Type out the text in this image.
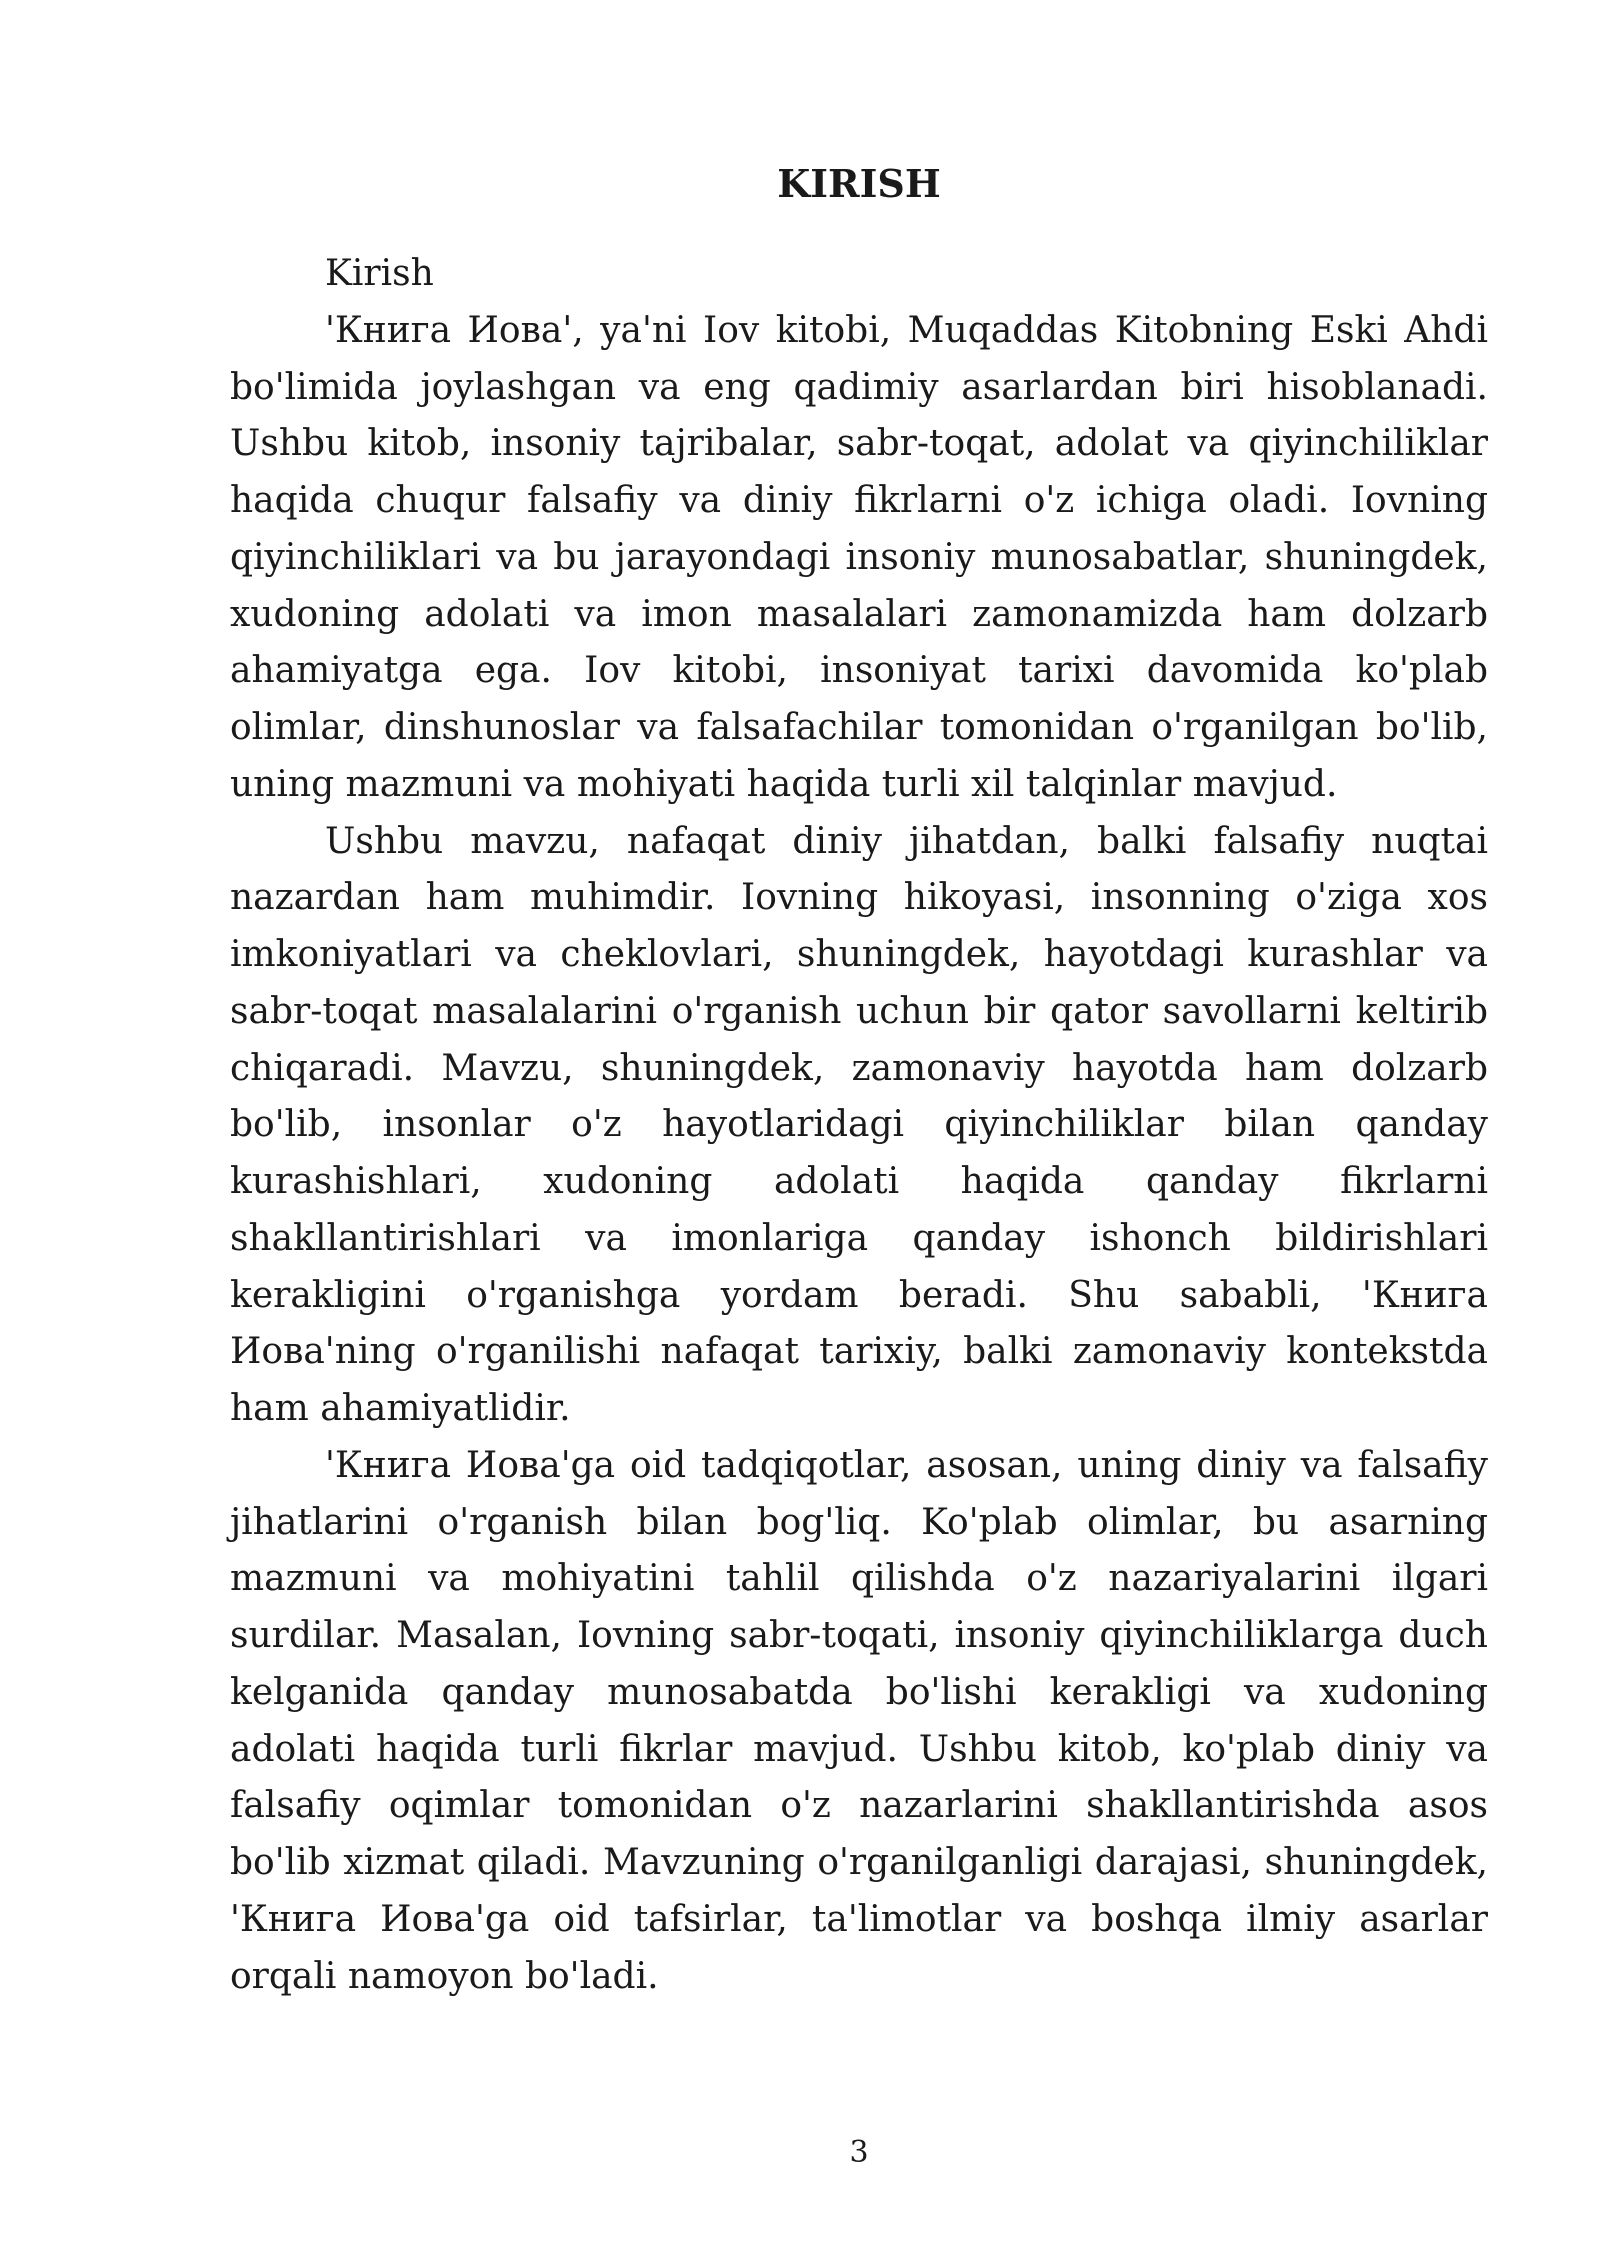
KIRISH

Kirish

'Книга Иова', ya'ni Iov kitobi, Muqaddas Kitobning Eski Ahdi bo'limida joylashgan va eng qadimiy asarlardan biri hisoblanadi. Ushbu kitob, insoniy tajribalar, sabr-toqat, adolat va qiyinchiliklar haqida chuqur falsafiy va diniy fikrlarni o'z ichiga oladi. Iovning qiyinchiliklari va bu jarayondagi insoniy munosabatlar, shuningdek, xudoning adolati va imon masalalari zamonamizda ham dolzarb ahamiyatga ega. Iov kitobi, insoniyat tarixi davomida ko'plab olimlar, dinshunoslar va falsafachilar tomonidan o'rganilgan bo'lib, uning mazmuni va mohiyati haqida turli xil talqinlar mavjud.

Ushbu mavzu, nafaqat diniy jihatdan, balki falsafiy nuqtai nazardan ham muhimdir. Iovning hikoyasi, insonning o'ziga xos imkoniyatlari va cheklovlari, shuningdek, hayotdagi kurashlar va sabr-toqat masalalarini o'rganish uchun bir qator savollarni keltirib chiqaradi. Mavzu, shuningdek, zamonaviy hayotda ham dolzarb bo'lib, insonlar o'z hayotlaridagi qiyinchiliklar bilan qanday kurashishlari, xudoning adolati haqida qanday fikrlarni shakllantirishlari va imonlariga qanday ishonch bildirishlari kerakligini o'rganishga yordam beradi. Shu sababli, 'Книга Иова'ning o'rganilishi nafaqat tarixiy, balki zamonaviy kontekstda ham ahamiyatlidir.

'Книга Иова'ga oid tadqiqotlar, asosan, uning diniy va falsafiy jihatlarini o'rganish bilan bog'liq. Ko'plab olimlar, bu asarning mazmuni va mohiyatini tahlil qilishda o'z nazariyalarini ilgari surdilar. Masalan, Iovning sabr-toqati, insoniy qiyinchiliklarga duch kelganida qanday munosabatda bo'lishi kerakligi va xudoning adolati haqida turli fikrlar mavjud. Ushbu kitob, ko'plab diniy va falsafiy oqimlar tomonidan o'z nazarlarini shakllantirishda asos bo'lib xizmat qiladi. Mavzuning o'rganilganligi darajasi, shuningdek, 'Книга Иова'ga oid tafsirlar, ta'limotlar va boshqa ilmiy asarlar orqali namoyon bo'ladi.

3
